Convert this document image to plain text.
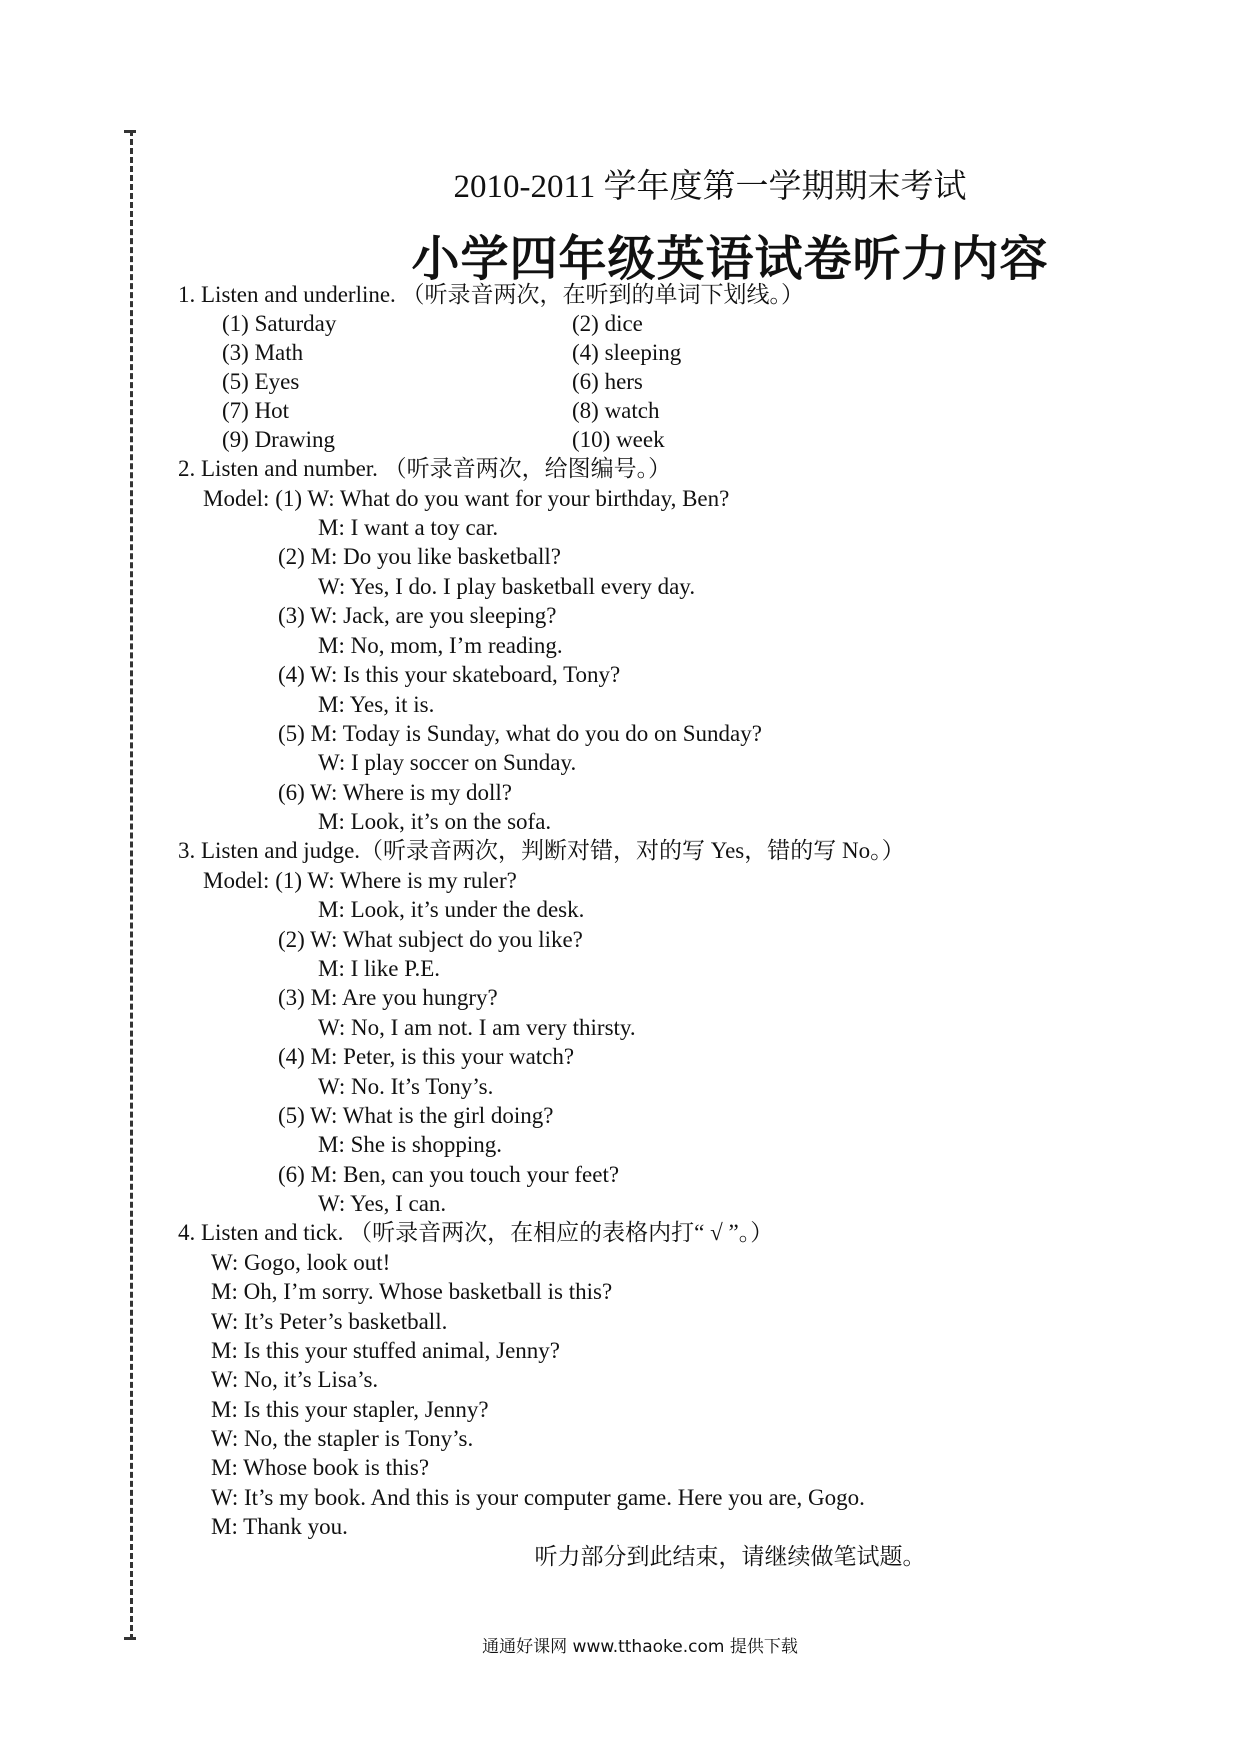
2010-2011 学年度第一学期期末考试
小学四年级英语试卷听力内容
1. Listen and underline. （听录音两次，在听到的单词下划线。）
(1) Saturday	(2) dice
(3) Math	(4) sleeping
(5) Eyes	(6) hers
(7) Hot	(8) watch
(9) Drawing	(10) week
2. Listen and number. （听录音两次，给图编号。）
Model: (1) W: What do you want for your birthday, Ben?
M: I want a toy car.
(2) M: Do you like basketball?
W: Yes, I do. I play basketball every day.
(3) W: Jack, are you sleeping?
M: No, mom, I’m reading.
(4) W: Is this your skateboard, Tony?
M: Yes, it is.
(5) M: Today is Sunday, what do you do on Sunday?
W: I play soccer on Sunday.
(6) W: Where is my doll?
M: Look, it’s on the sofa.
3. Listen and judge.（听录音两次，判断对错，对的写 Yes，错的写 No。）
Model: (1) W: Where is my ruler?
M: Look, it’s under the desk.
(2) W: What subject do you like?
M: I like P.E.
(3) M: Are you hungry?
W: No, I am not. I am very thirsty.
(4) M: Peter, is this your watch?
W: No. It’s Tony’s.
(5) W: What is the girl doing?
M: She is shopping.
(6) M: Ben, can you touch your feet?
W: Yes, I can.
4. Listen and tick. （听录音两次，在相应的表格内打“ √ ”。）
W: Gogo, look out!
M: Oh, I’m sorry. Whose basketball is this?
W: It’s Peter’s basketball.
M: Is this your stuffed animal, Jenny?
W: No, it’s Lisa’s.
M: Is this your stapler, Jenny?
W: No, the stapler is Tony’s.
M: Whose book is this?
W: It’s my book. And this is your computer game. Here you are, Gogo.
M: Thank you.
听力部分到此结束，请继续做笔试题。
通通好课网 www.tthaoke.com 提供下载
